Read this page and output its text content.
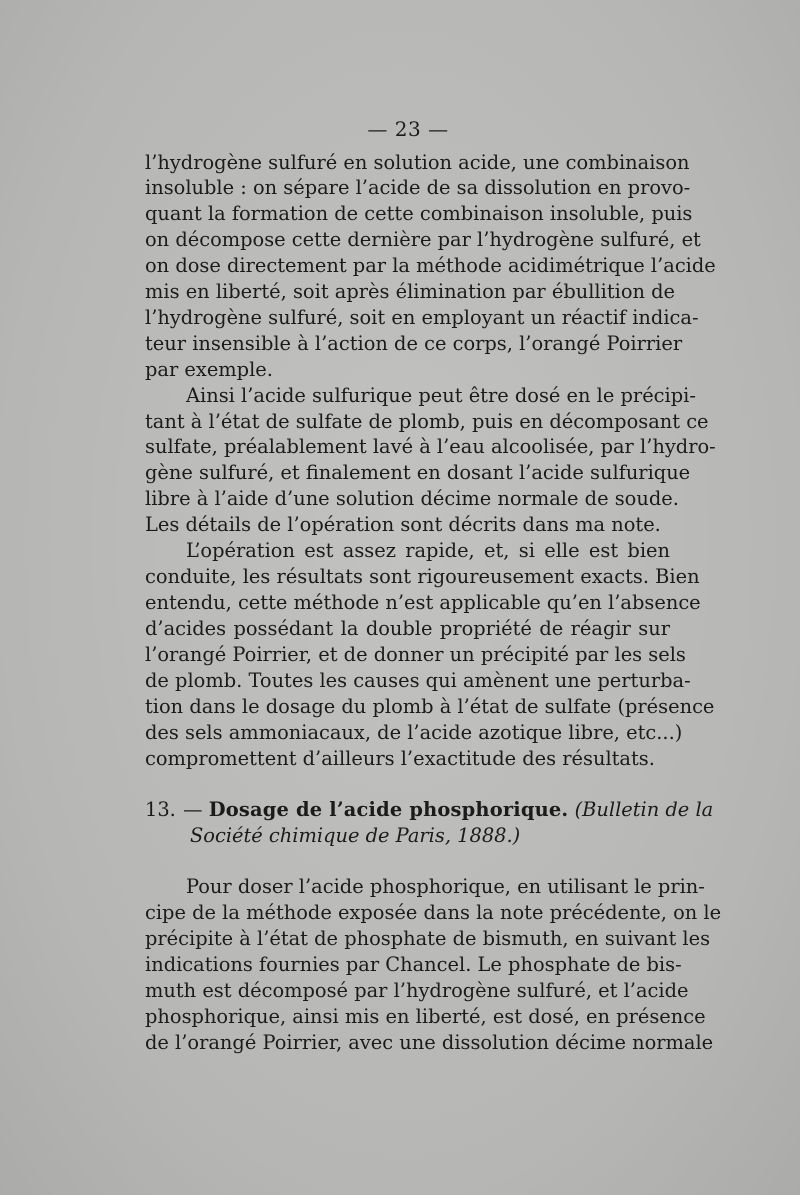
— 23 —
l’hydrogène sulfuré en solution acide, une combinaison
insoluble : on sépare l’acide de sa dissolution en provo-
quant la formation de cette combinaison insoluble, puis
on décompose cette dernière par l’hydrogène sulfuré, et
on dose directement par la méthode acidimétrique l’acide
mis en liberté, soit après élimination par ébullition de
l’hydrogène sulfuré, soit en employant un réactif indica-
teur insensible à l’action de ce corps, l’orangé Poirrier
par exemple.
Ainsi l’acide sulfurique peut être dosé en le précipi-
tant à l’état de sulfate de plomb, puis en décomposant ce
sulfate, préalablement lavé à l’eau alcoolisée, par l’hydro-
gène sulfuré, et finalement en dosant l’acide sulfurique
libre à l’aide d’une solution décime normale de soude.
Les détails de l’opération sont décrits dans ma note.
L’opération est assez rapide, et, si elle est bien
conduite, les résultats sont rigoureusement exacts. Bien
entendu, cette méthode n’est applicable qu’en l’absence
d’acides possédant la double propriété de réagir sur
l’orangé Poirrier, et de donner un précipité par les sels
de plomb. Toutes les causes qui amènent une perturba-
tion dans le dosage du plomb à l’état de sulfate (présence
des sels ammoniacaux, de l’acide azotique libre, etc...)
compromettent d’ailleurs l’exactitude des résultats.
13. — Dosage de l’acide phosphorique. (Bulletin de la
Société chimique de Paris, 1888.)
Pour doser l’acide phosphorique, en utilisant le prin-
cipe de la méthode exposée dans la note précédente, on le
précipite à l’état de phosphate de bismuth, en suivant les
indications fournies par Chancel. Le phosphate de bis-
muth est décomposé par l’hydrogène sulfuré, et l’acide
phosphorique, ainsi mis en liberté, est dosé, en présence
de l’orangé Poirrier, avec une dissolution décime normale
